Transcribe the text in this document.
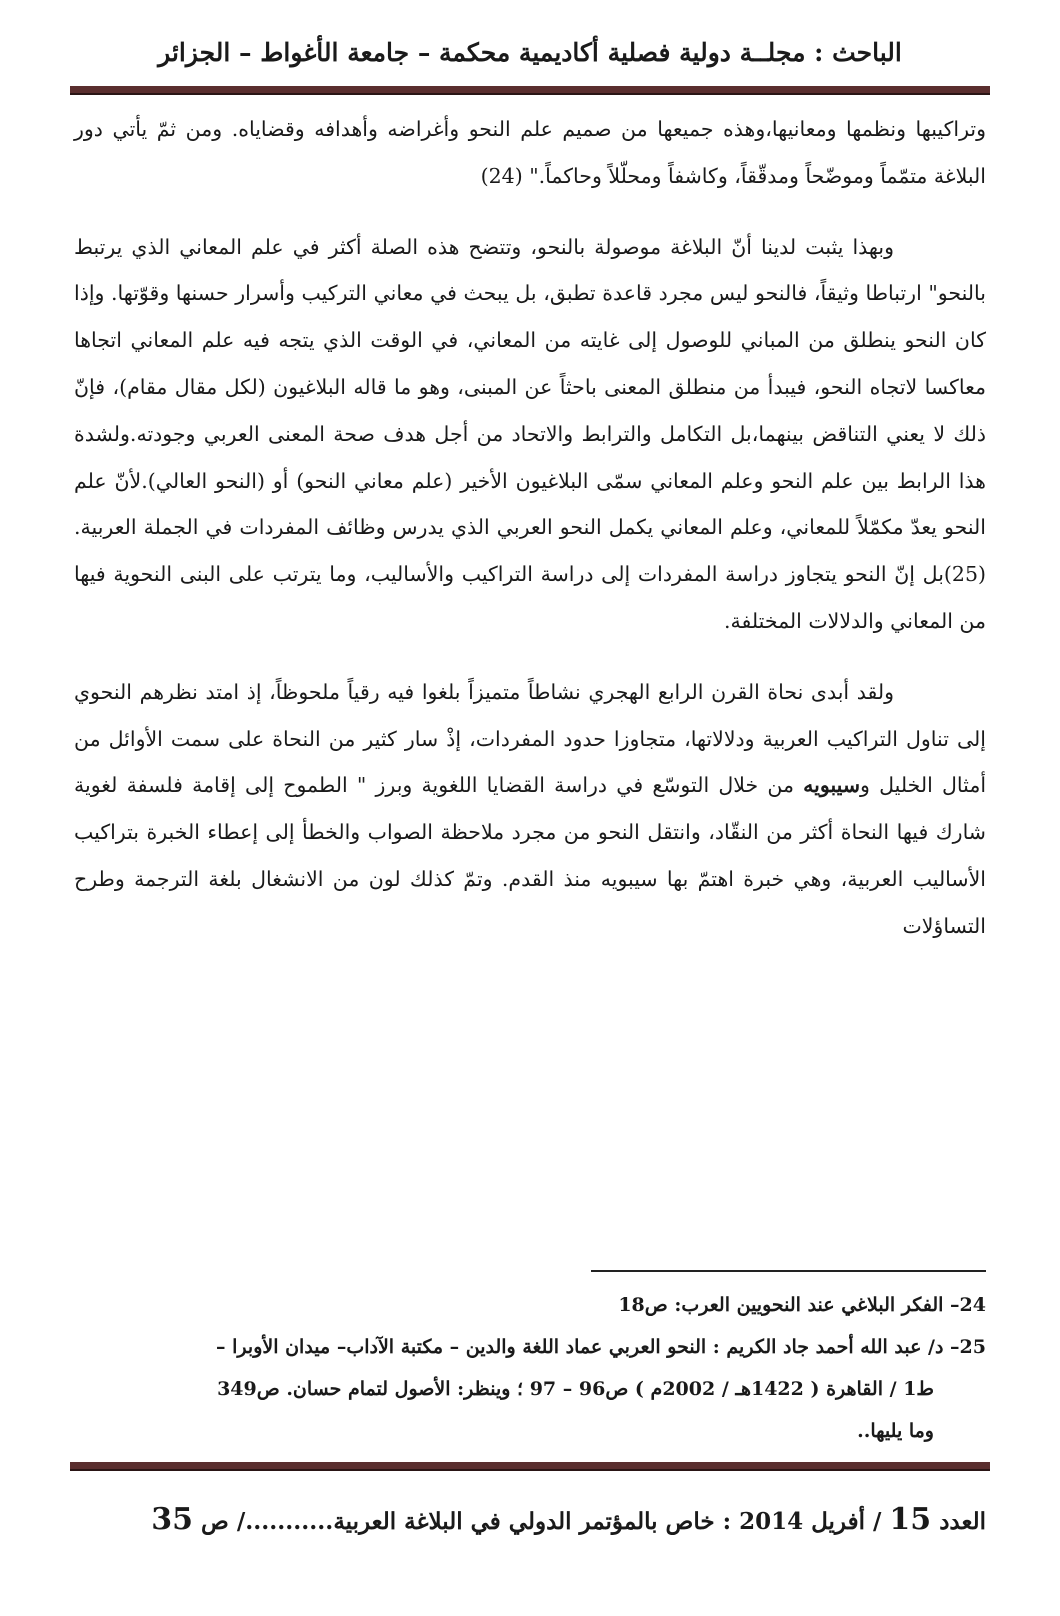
الباحث : مجلــة دولية فصلية أكاديمية محكمة – جامعة الأغواط – الجزائر

وتراكيبها ونظمها ومعانيها،وهذه جميعها من صميم علم النحو وأغراضه وأهدافه وقضاياه. ومن ثمّ يأتي دور البلاغة متمّماً وموضّحاً ومدقّقاً، وكاشفاً ومحلّلاً وحاكماً." (24)

وبهذا يثبت لدينا أنّ البلاغة موصولة بالنحو، وتتضح هذه الصلة أكثر في علم المعاني الذي يرتبط بالنحو" ارتباطا وثيقاً، فالنحو ليس مجرد قاعدة تطبق، بل يبحث في معاني التركيب وأسرار حسنها وقوّتها. وإذا كان النحو ينطلق من المباني للوصول إلى غايته من المعاني، في الوقت الذي يتجه فيه علم المعاني اتجاها معاكسا لاتجاه النحو، فيبدأ من منطلق المعنى باحثاً عن المبنى، وهو ما قاله البلاغيون (لكل مقال مقام)، فإنّ ذلك لا يعني التناقض بينهما،بل التكامل والترابط والاتحاد من أجل هدف صحة المعنى العربي وجودته.ولشدة هذا الرابط بين علم النحو وعلم المعاني سمّى البلاغيون الأخير (علم معاني النحو) أو (النحو العالي).لأنّ علم النحو يعدّ مكمّلاً للمعاني، وعلم المعاني يكمل النحو العربي الذي يدرس وظائف المفردات في الجملة العربية.(25)بل إنّ النحو يتجاوز دراسة المفردات إلى دراسة التراكيب والأساليب، وما يترتب على البنى النحوية فيها من المعاني والدلالات المختلفة.

ولقد أبدى نحاة القرن الرابع الهجري نشاطاً متميزاً بلغوا فيه رقياً ملحوظاً، إذ امتد نظرهم النحوي إلى تناول التراكيب العربية ودلالاتها، متجاوزا حدود المفردات، إذْ سار كثير من النحاة على سمت الأوائل من أمثال الخليل وسيبويه من خلال التوسّع في دراسة القضايا اللغوية وبرز " الطموح إلى إقامة فلسفة لغوية شارك فيها النحاة أكثر من النقّاد، وانتقل النحو من مجرد ملاحظة الصواب والخطأ إلى إعطاء الخبرة بتراكيب الأساليب العربية، وهي خبرة اهتمّ بها سيبويه منذ القدم. وتمّ كذلك لون من الانشغال بلغة الترجمة وطرح التساؤلات

24– الفكر البلاغي عند النحويين العرب: ص18

25– د/ عبد الله أحمد جاد الكريم : النحو العربي عماد اللغة والدين – مكتبة الآداب– ميدان الأوبرا –

ط1 / القاهرة ( 1422هـ / 2002م ) ص96 – 97 ؛ وينظر: الأصول لتمام حسان. ص349

وما يليها..

العدد 15 / أفريل 2014 : خاص بالمؤتمر الدولي في البلاغة العربية.........../ ص 35
